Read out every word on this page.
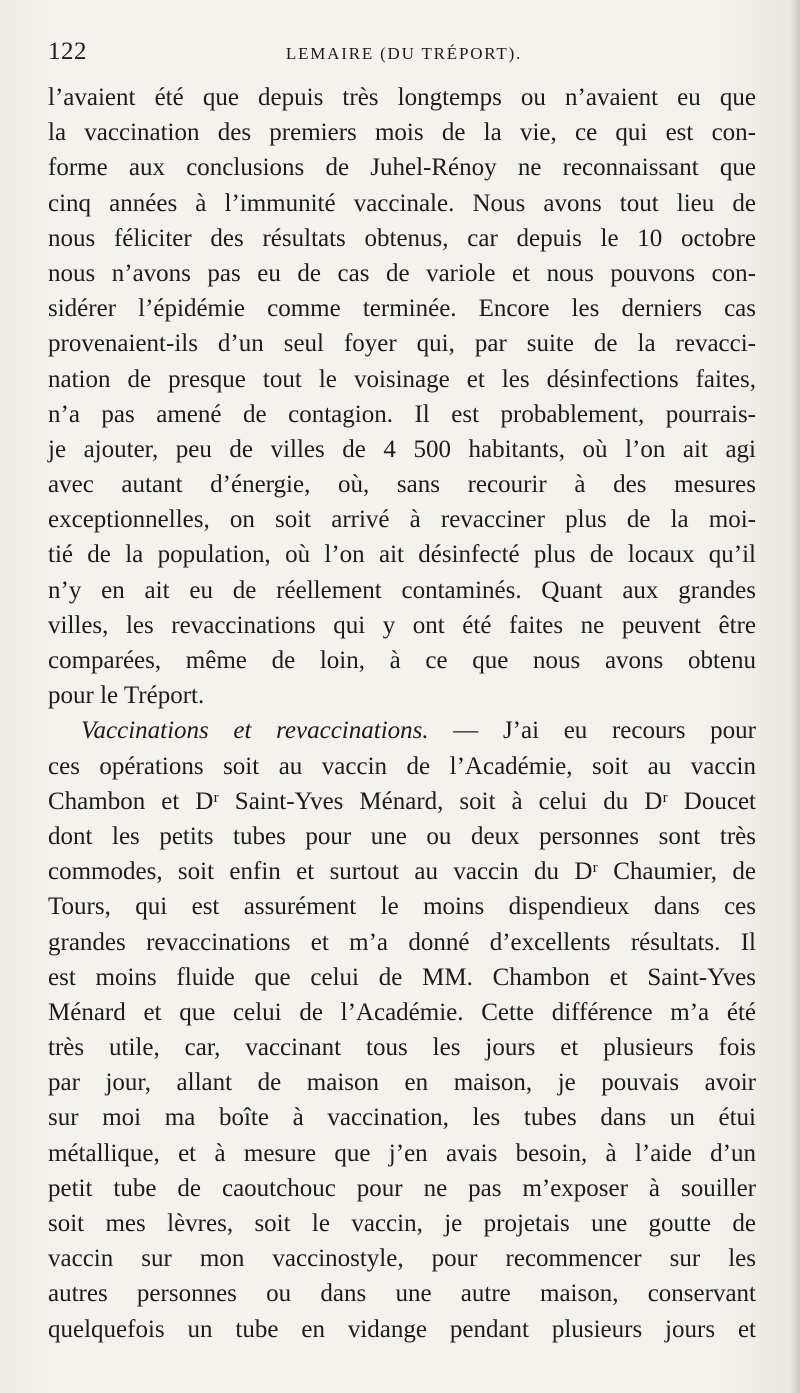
122	LEMAIRE (DU TRÉPORT).
l’avaient été que depuis très longtemps ou n’avaient eu que
la vaccination des premiers mois de la vie, ce qui est con-
forme aux conclusions de Juhel-Rénoy ne reconnaissant que
cinq années à l’immunité vaccinale. Nous avons tout lieu de
nous féliciter des résultats obtenus, car depuis le 10 octobre
nous n’avons pas eu de cas de variole et nous pouvons con-
sidérer l’épidémie comme terminée. Encore les derniers cas
provenaient-ils d’un seul foyer qui, par suite de la revacci-
nation de presque tout le voisinage et les désinfections faites,
n’a pas amené de contagion. Il est probablement, pourrais-
je ajouter, peu de villes de 4 500 habitants, où l’on ait agi
avec autant d’énergie, où, sans recourir à des mesures
exceptionnelles, on soit arrivé à revacciner plus de la moi-
tié de la population, où l’on ait désinfecté plus de locaux qu’il
n’y en ait eu de réellement contaminés. Quant aux grandes
villes, les revaccinations qui y ont été faites ne peuvent être
comparées, même de loin, à ce que nous avons obtenu
pour le Tréport.
Vaccinations et revaccinations. — J’ai eu recours pour
ces opérations soit au vaccin de l’Académie, soit au vaccin
Chambon et Dʳ Saint-Yves Ménard, soit à celui du Dʳ Doucet
dont les petits tubes pour une ou deux personnes sont très
commodes, soit enfin et surtout au vaccin du Dʳ Chaumier, de
Tours, qui est assurément le moins dispendieux dans ces
grandes revaccinations et m’a donné d’excellents résultats. Il
est moins fluide que celui de MM. Chambon et Saint-Yves
Ménard et que celui de l’Académie. Cette différence m’a été
très utile, car, vaccinant tous les jours et plusieurs fois
par jour, allant de maison en maison, je pouvais avoir
sur moi ma boîte à vaccination, les tubes dans un étui
métallique, et à mesure que j’en avais besoin, à l’aide d’un
petit tube de caoutchouc pour ne pas m’exposer à souiller
soit mes lèvres, soit le vaccin, je projetais une goutte de
vaccin sur mon vaccinostyle, pour recommencer sur les
autres personnes ou dans une autre maison, conservant
quelquefois un tube en vidange pendant plusieurs jours et
